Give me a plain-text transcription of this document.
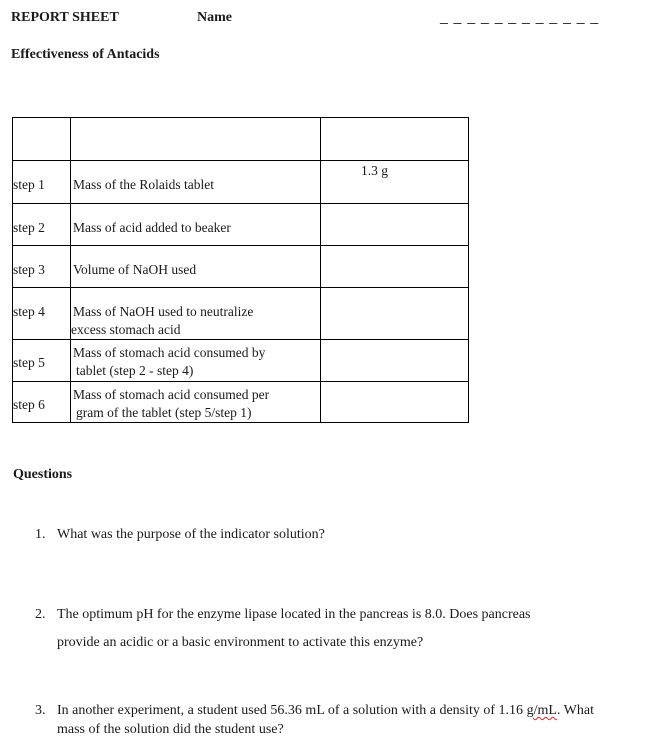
REPORT SHEET	Name	_ _ _ _ _ _ _ _ _ _ _ _
Effectiveness of Antacids
step 1 Mass of the Rolaids tablet
1.3 g
step 2 Mass of acid added to beaker
step 3 Volume of NaOH used
step 4 Mass of NaOH used to neutralize
excess stomach acid
step 5
Mass of stomach acid consumed by
tablet (step 2 - step 4)
step 6
Mass of stomach acid consumed per
gram of the tablet (step 5/step 1)
Questions
1. What was the purpose of the indicator solution?
2. The optimum pH for the enzyme lipase located in the pancreas is 8.0. Does pancreas
provide an acidic or a basic environment to activate this enzyme?
3. In another experiment, a student used 56.36 mL of a solution with a density of 1.16 g/mL. What
mass of the solution did the student use?
